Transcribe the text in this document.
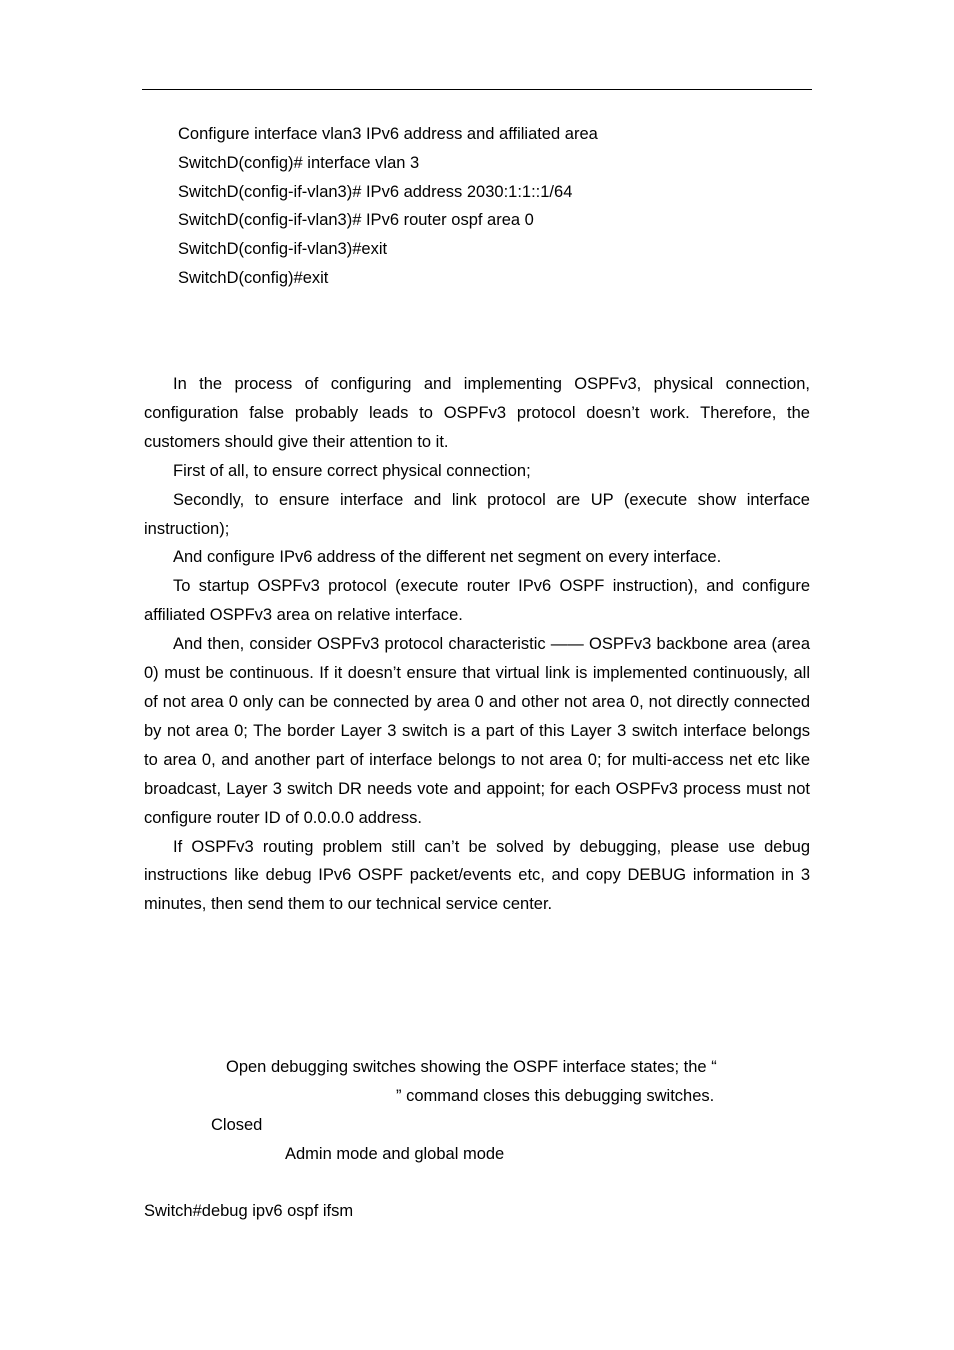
Configure interface vlan3 IPv6 address and affiliated area
SwitchD(config)# interface vlan 3
SwitchD(config-if-vlan3)# IPv6 address 2030:1:1::1/64
SwitchD(config-if-vlan3)# IPv6 router ospf area 0
SwitchD(config-if-vlan3)#exit
SwitchD(config)#exit

In the process of configuring and implementing OSPFv3, physical connection, configuration false probably leads to OSPFv3 protocol doesn’t work. Therefore, the customers should give their attention to it.

First of all, to ensure correct physical connection;

Secondly, to ensure interface and link protocol are UP (execute show interface instruction);

And configure IPv6 address of the different net segment on every interface.

To startup OSPFv3 protocol (execute router IPv6 OSPF instruction), and configure affiliated OSPFv3 area on relative interface.

And then, consider OSPFv3 protocol characteristic —— OSPFv3 backbone area (area 0) must be continuous. If it doesn’t ensure that virtual link is implemented continuously, all of not area 0 only can be connected by area 0 and other not area 0, not directly connected by not area 0; The border Layer 3 switch is a part of this Layer 3 switch interface belongs to area 0, and another part of interface belongs to not area 0; for multi-access net etc like broadcast, Layer 3 switch DR needs vote and appoint; for each OSPFv3 process must not configure router ID of 0.0.0.0 address.

If OSPFv3 routing problem still can’t be solved by debugging, please use debug instructions like debug IPv6 OSPF packet/events etc, and copy DEBUG information in 3 minutes, then send them to our technical service center.

Open debugging switches showing the OSPF interface states; the “
” command closes this debugging switches.
Closed
Admin mode and global mode
Switch#debug ipv6 ospf ifsm
